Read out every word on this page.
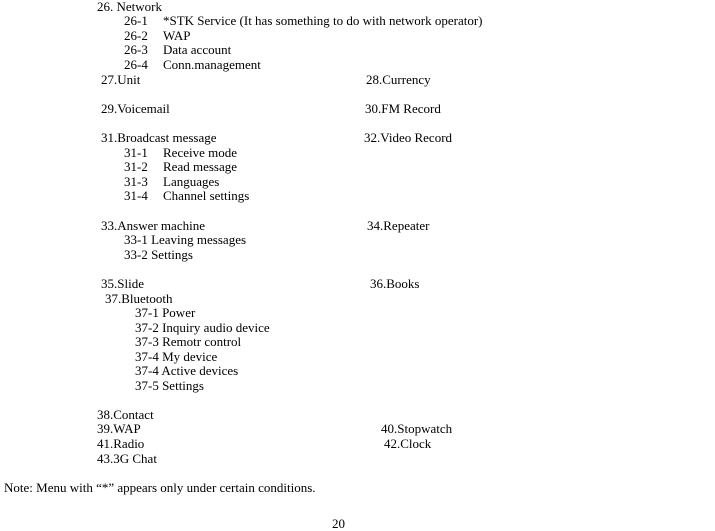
26. Network
26-1 *STK Service (It has something to do with network operator)
26-2 WAP
26-3 Data account
26-4 Conn.management
27.Unit	28.Currency
29.Voicemail	30.FM Record
31.Broadcast message	32.Video Record
31-1 Receive mode
31-2 Read message
31-3 Languages
31-4 Channel settings
33.Answer machine	34.Repeater
33-1 Leaving messages
33-2 Settings
35.Slide	36.Books
37.Bluetooth
37-1 Power
37-2 Inquiry audio device
37-3 Remotr control
37-4 My device
37-4 Active devices
37-5 Settings
38.Contact
39.WAP	40.Stopwatch
41.Radio	42.Clock
43.3G Chat
Note: Menu with “*” appears only under certain conditions.
20
